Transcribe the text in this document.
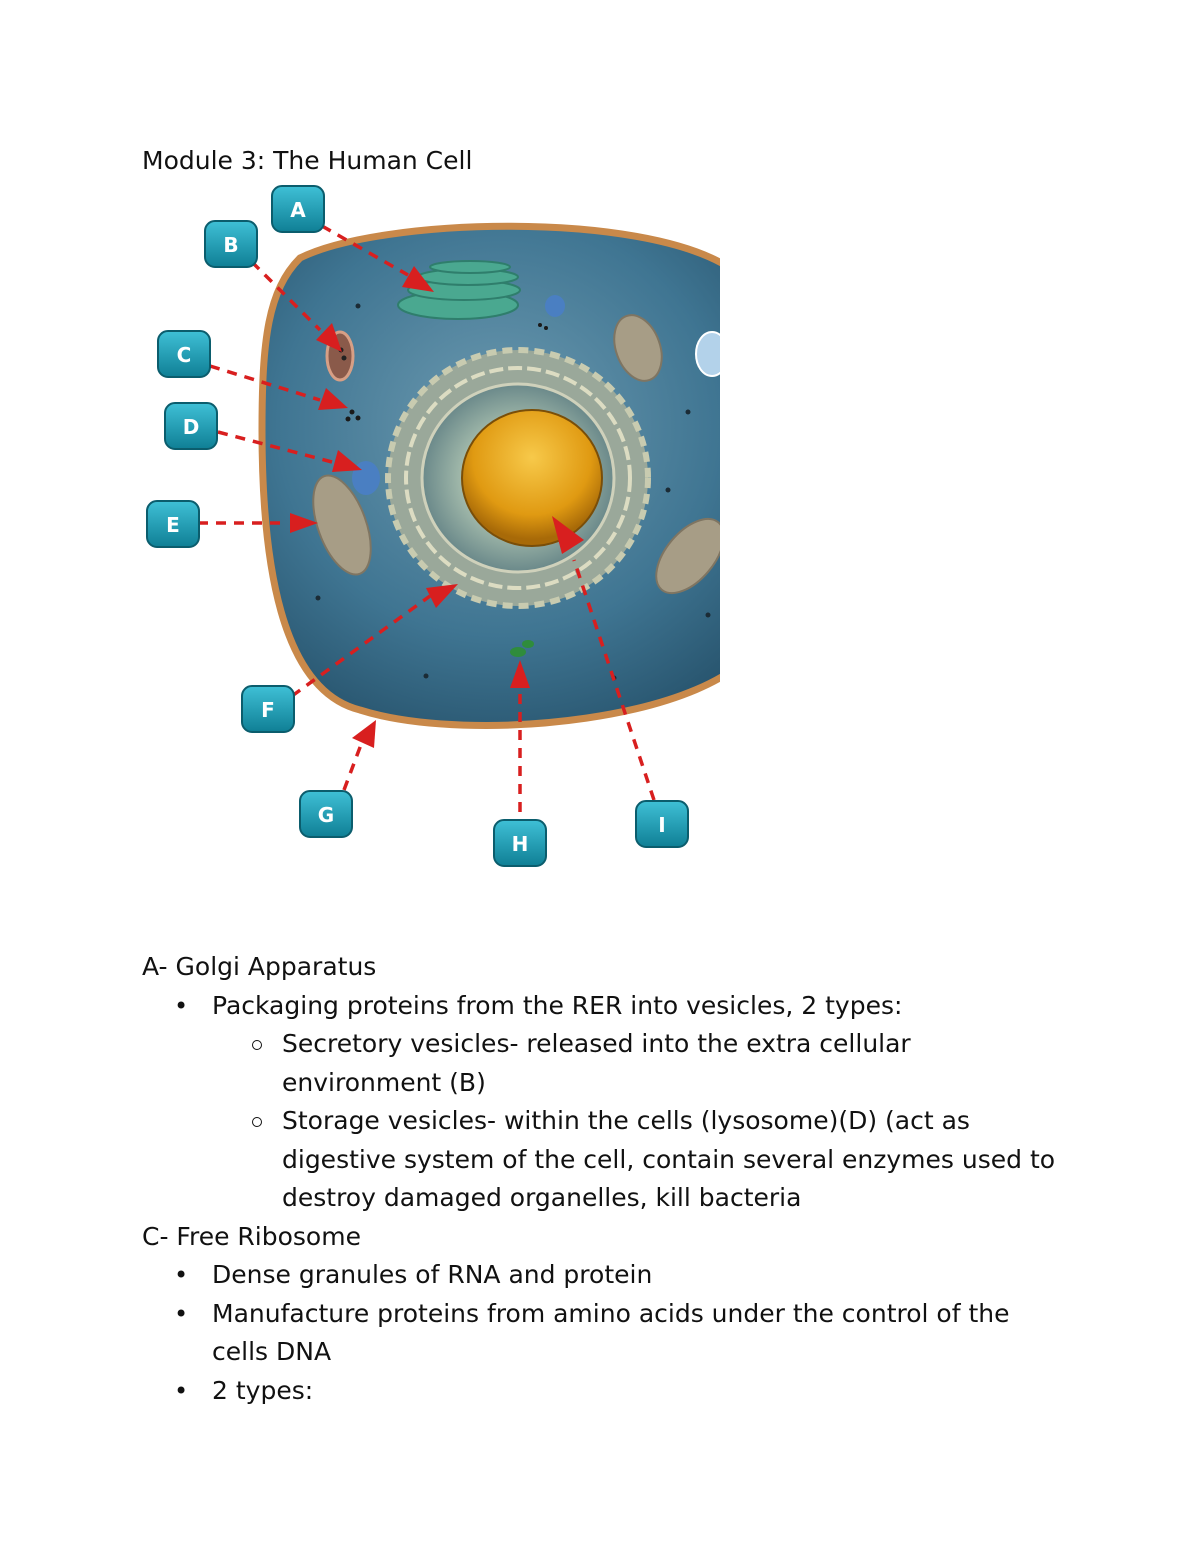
Module 3: The Human Cell
A
B
C
D
E
F
G
H
I

A- Golgi Apparatus

• Packaging proteins from the RER into vesicles, 2 types:
Secretory vesicles- released into the extra cellular environment (B)
Storage vesicles- within the cells (lysosome)(D) (act as digestive system of the cell, contain several enzymes used to destroy damaged organelles, kill bacteria

C- Free Ribosome

• Dense granules of RNA and protein
• Manufacture proteins from amino acids under the control of the cells DNA
• 2 types:
